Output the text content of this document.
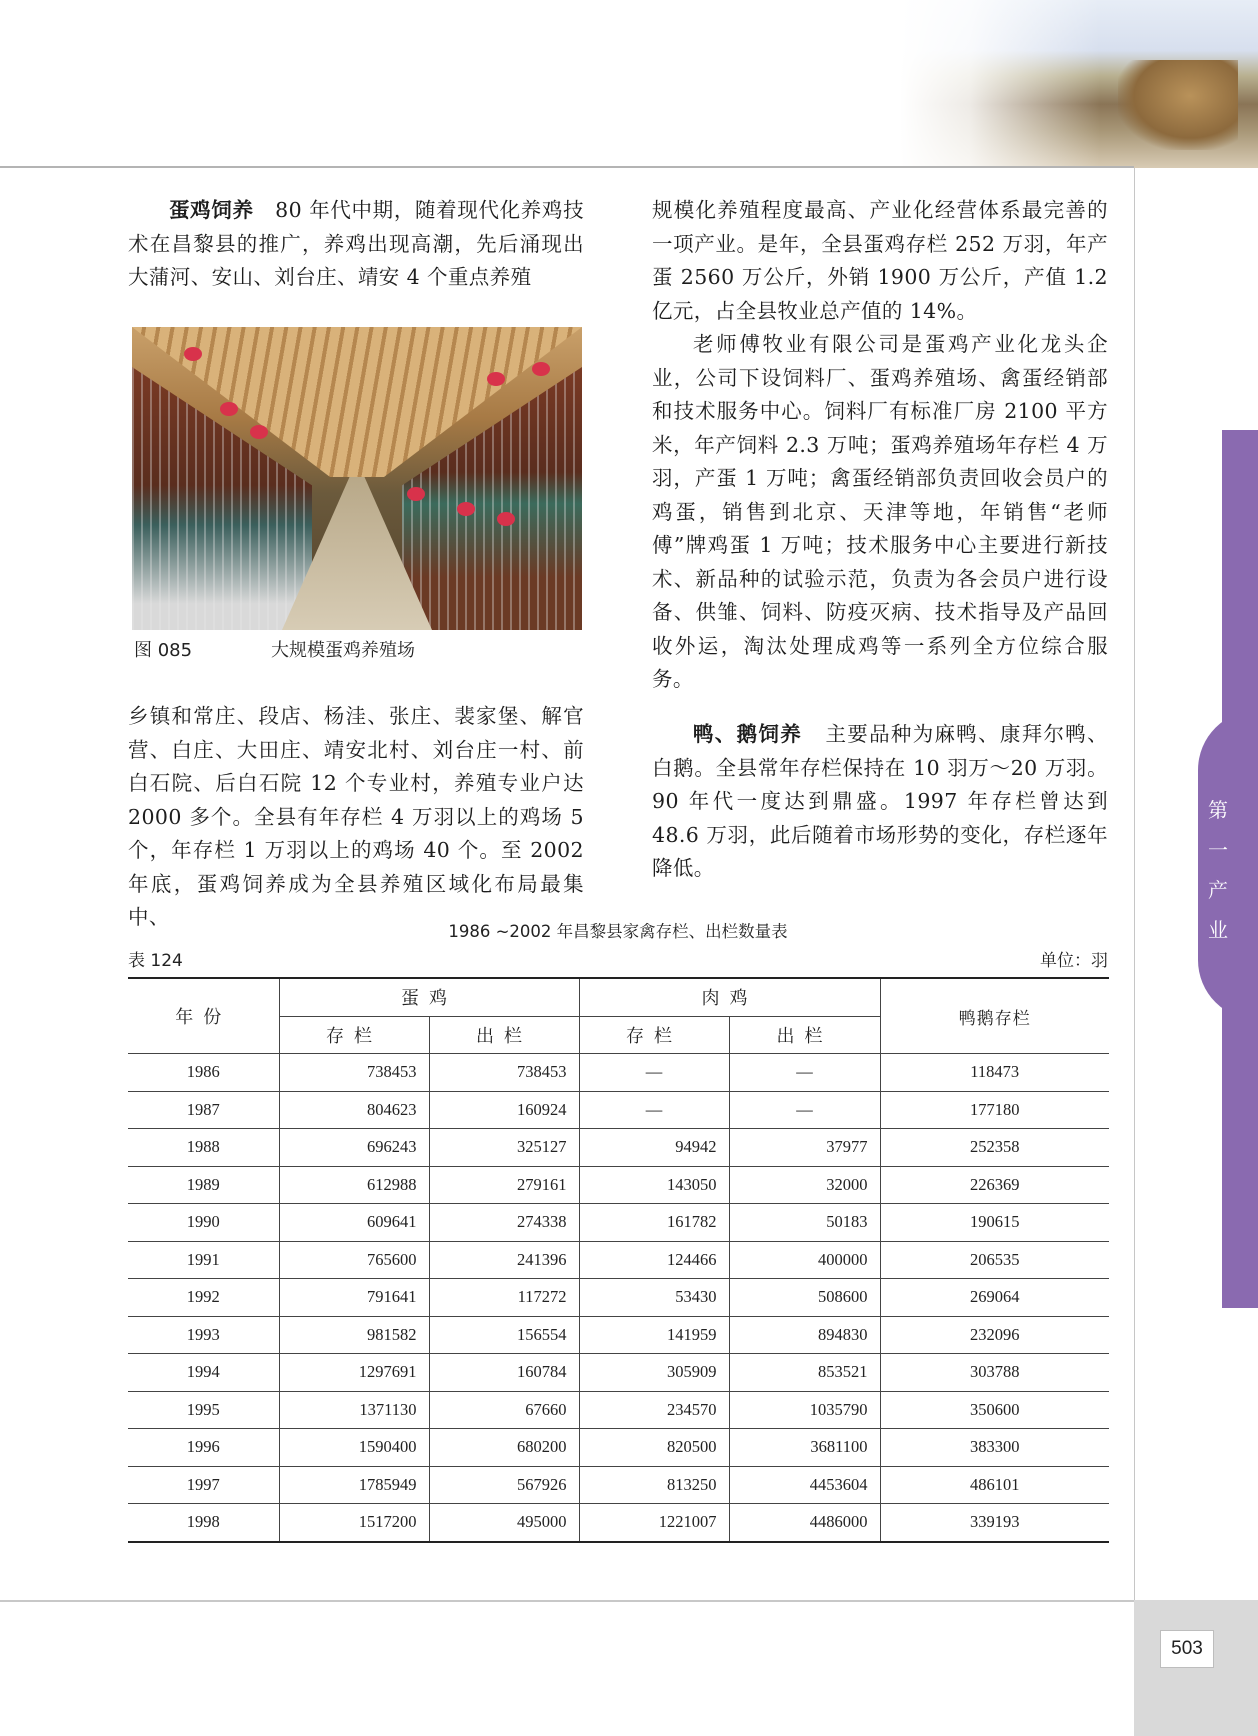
第
一
产
业

蛋鸡饲养 80 年代中期，随着现代化养鸡技术在昌黎县的推广，养鸡出现高潮，先后涌现出大蒲河、安山、刘台庄、靖安 4 个重点养殖

图 085	大规模蛋鸡养殖场

乡镇和常庄、段店、杨洼、张庄、裴家堡、解官营、白庄、大田庄、靖安北村、刘台庄一村、前白石院、后白石院 12 个专业村，养殖专业户达 2000 多个。全县有年存栏 4 万羽以上的鸡场 5 个，年存栏 1 万羽以上的鸡场 40 个。至 2002 年底，蛋鸡饲养成为全县养殖区域化布局最集中、

规模化养殖程度最高、产业化经营体系最完善的一项产业。是年，全县蛋鸡存栏 252 万羽，年产蛋 2560 万公斤，外销 1900 万公斤，产值 1.2 亿元，占全县牧业总产值的 14%。

老师傅牧业有限公司是蛋鸡产业化龙头企业，公司下设饲料厂、蛋鸡养殖场、禽蛋经销部和技术服务中心。饲料厂有标准厂房 2100 平方米，年产饲料 2.3 万吨；蛋鸡养殖场年存栏 4 万羽，产蛋 1 万吨；禽蛋经销部负责回收会员户的鸡蛋，销售到北京、天津等地，年销售“老师傅”牌鸡蛋 1 万吨；技术服务中心主要进行新技术、新品种的试验示范，负责为各会员户进行设备、供雏、饲料、防疫灭病、技术指导及产品回收外运，淘汰处理成鸡等一系列全方位综合服务。

鸭、鹅饲养 主要品种为麻鸭、康拜尔鸭、白鹅。全县常年存栏保持在 10 羽万～20 万羽。90 年代一度达到鼎盛。1997 年存栏曾达到 48.6 万羽，此后随着市场形势的变化，存栏逐年降低。

1986 ~2002 年昌黎县家禽存栏、出栏数量表
表 124	单位：羽
年份	蛋鸡		肉鸡		鸭鹅存栏
	存栏	出栏	存栏	出栏	
1986	738453	738453	—	—	118473
1987	804623	160924	—	—	177180
1988	696243	325127	94942	37977	252358
1989	612988	279161	143050	32000	226369
1990	609641	274338	161782	50183	190615
1991	765600	241396	124466	400000	206535
1992	791641	117272	53430	508600	269064
1993	981582	156554	141959	894830	232096
1994	1297691	160784	305909	853521	303788
1995	1371130	67660	234570	1035790	350600
1996	1590400	680200	820500	3681100	383300
1997	1785949	567926	813250	4453604	486101
1998	1517200	495000	1221007	4486000	339193
503
